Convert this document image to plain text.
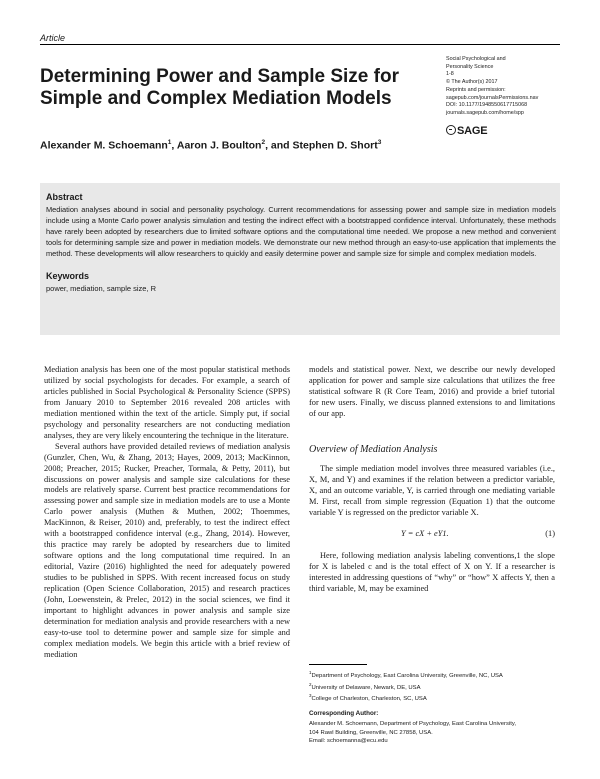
Article
Determining Power and Sample Size for Simple and Complex Mediation Models
Social Psychological and
Personality Science
1-8
© The Author(s) 2017
Reprints and permission:
sagepub.com/journalsPermissions.nav
DOI: 10.1177/1948550617715068
journals.sagepub.com/home/spp
SAGE
Alexander M. Schoemann$^1$, Aaron J. Boulton$^2$, and Stephen D. Short$^3$

Abstract

Mediation analyses abound in social and personality psychology. Current recommendations for assessing power and sample size in mediation models include using a Monte Carlo power analysis simulation and testing the indirect effect with a bootstrapped confidence interval. Unfortunately, these methods have rarely been adopted by researchers due to limited software options and the computational time needed. We propose a new method and convenient tools for determining sample size and power in mediation models. We demonstrate our new method through an easy-to-use application that implements the method. These developments will allow researchers to quickly and easily determine power and sample size for simple and complex mediation models.

Keywords

power, mediation, sample size, R

Mediation analysis has been one of the most popular statistical methods utilized by social psychologists for decades. For example, a search of articles published in Social Psychological & Personality Science (SPPS) from January 2010 to September 2016 revealed 208 articles with mediation mentioned within the text of the article. Simply put, if social psychology and personality researchers are not conducting mediation analyses, they are very likely encountering the technique in the literature.

Several authors have provided detailed reviews of mediation analysis (Gunzler, Chen, Wu, & Zhang, 2013; Hayes, 2009, 2013; MacKinnon, 2008; Preacher, 2015; Rucker, Preacher, Tormala, & Petty, 2011), but discussions on power analysis and sample size calculations for these models are relatively sparse. Current best practice recommendations for assessing power and sample size in mediation models are to use a Monte Carlo power analysis (Muthen & Muthen, 2002; Thoemmes, MacKinnon, & Reiser, 2010) and, preferably, to test the indirect effect with a bootstrapped confidence interval (e.g., Zhang, 2014). However, this practice may rarely be adopted by researchers due to limited software options and the long computational time required. In an editorial, Vazire (2016) highlighted the need for adequately powered studies to be published in SPPS. With recent increased focus on study replication (Open Science Collaboration, 2015) and research practices (John, Loewenstein, & Prelec, 2012) in the social sciences, we find it important to highlight advances in power analysis and sample size determination for mediation analysis and provide researchers with a new easy-to-use tool to determine power and sample size for simple and complex mediation models. We begin this article with a brief review of mediation

models and statistical power. Next, we describe our newly developed application for power and sample size calculations that utilizes the free statistical software R (R Core Team, 2016) and provide a brief tutorial for new users. Finally, we discuss planned extensions to and limitations of our app.

Overview of Mediation Analysis

The simple mediation model involves three measured variables (i.e., X, M, and Y) and examines if the relation between a predictor variable, X, and an outcome variable, Y, is carried through one mediating variable M. First, recall from simple regression (Equation 1) that the outcome variable Y is regressed on the predictor variable X.

Y = cX + eY1.	(1)

Here, following mediation analysis labeling conventions,1 the slope for X is labeled c and is the total effect of X on Y. If a researcher is interested in addressing questions of “why” or “how” X affects Y, then a third variable, M, may be examined

$^1$Department of Psychology, East Carolina University, Greenville, NC, USA
$^2$University of Delaware, Newark, DE, USA
$^3$College of Charleston, Charleston, SC, USA
Corresponding Author:
Alexander M. Schoemann, Department of Psychology, East Carolina University,
104 Rawl Building, Greenville, NC 27858, USA.
Email: schoemanna@ecu.edu
